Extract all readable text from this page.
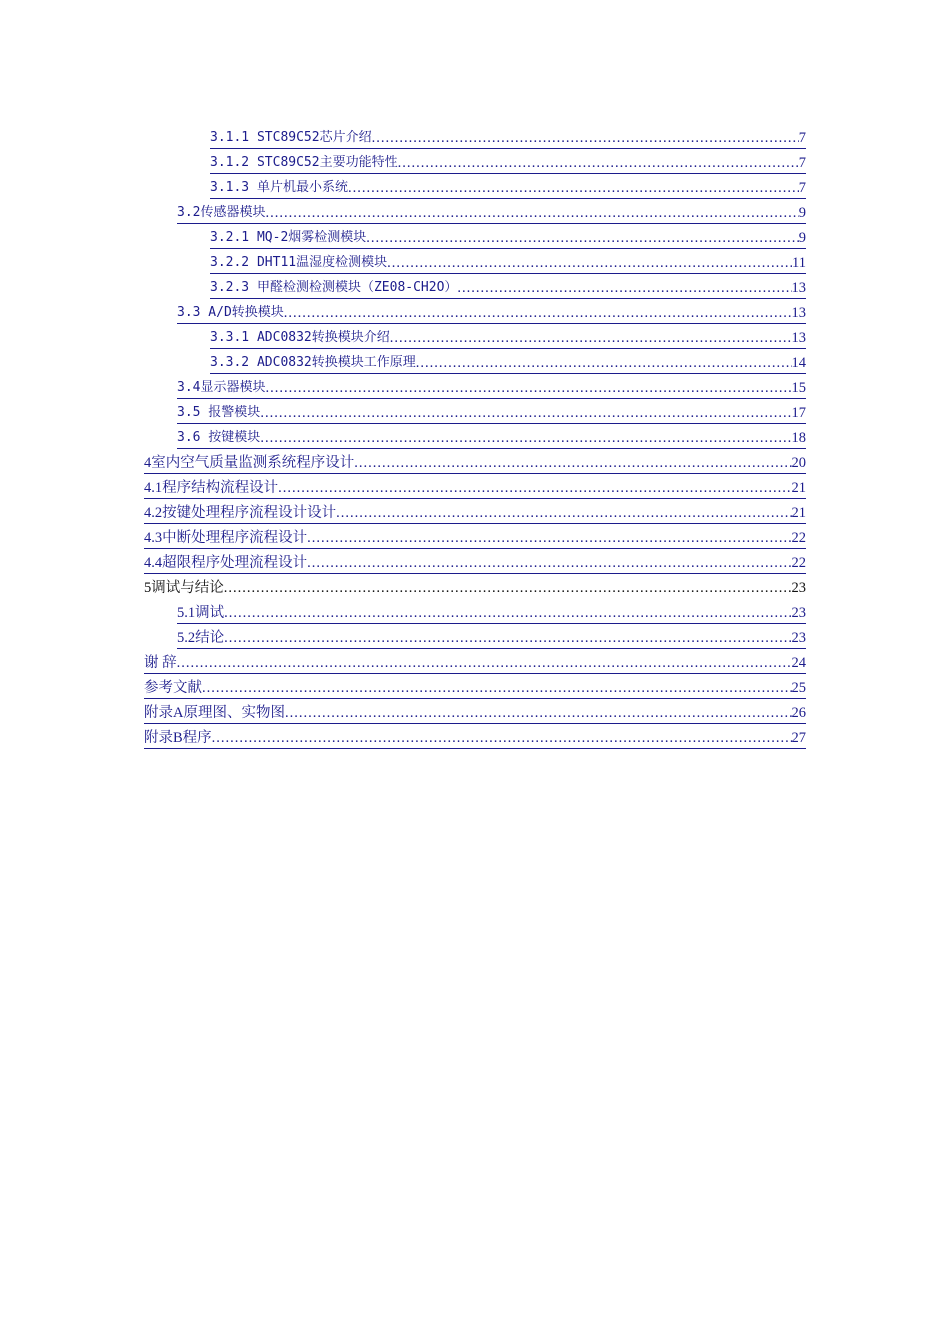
3.1.1 STC89C52芯片介绍 .....	7
3.1.2 STC89C52主要功能特性 .....	7
3.1.3 单片机最小系统 .....	7
3.2传感器模块 .....	9
3.2.1 MQ-2烟雾检测模块 .....	9
3.2.2 DHT11温湿度检测模块 .....	11
3.2.3 甲醛检测检测模块（ZE08-CH2O） .....	13
3.3 A/D转换模块 .....	13
3.3.1 ADC0832转换模块介绍 .....	13
3.3.2 ADC0832转换模块工作原理 .....	14
3.4显示器模块 .....	15
3.5 报警模块 .....	17
3.6 按键模块 .....	18
4室内空气质量监测系统程序设计 .....	20
4.1程序结构流程设计 .....	21
4.2按键处理程序流程设计设计 .....	21
4.3中断处理程序流程设计 .....	22
4.4超限程序处理流程设计 .....	22
5调试与结论 .....	23
5.1调试 .....	23
5.2结论 .....	23
谢 辞 .....	24
参考文献 .....	25
附录A原理图、实物图 .....	26
附录B程序 .....	27
